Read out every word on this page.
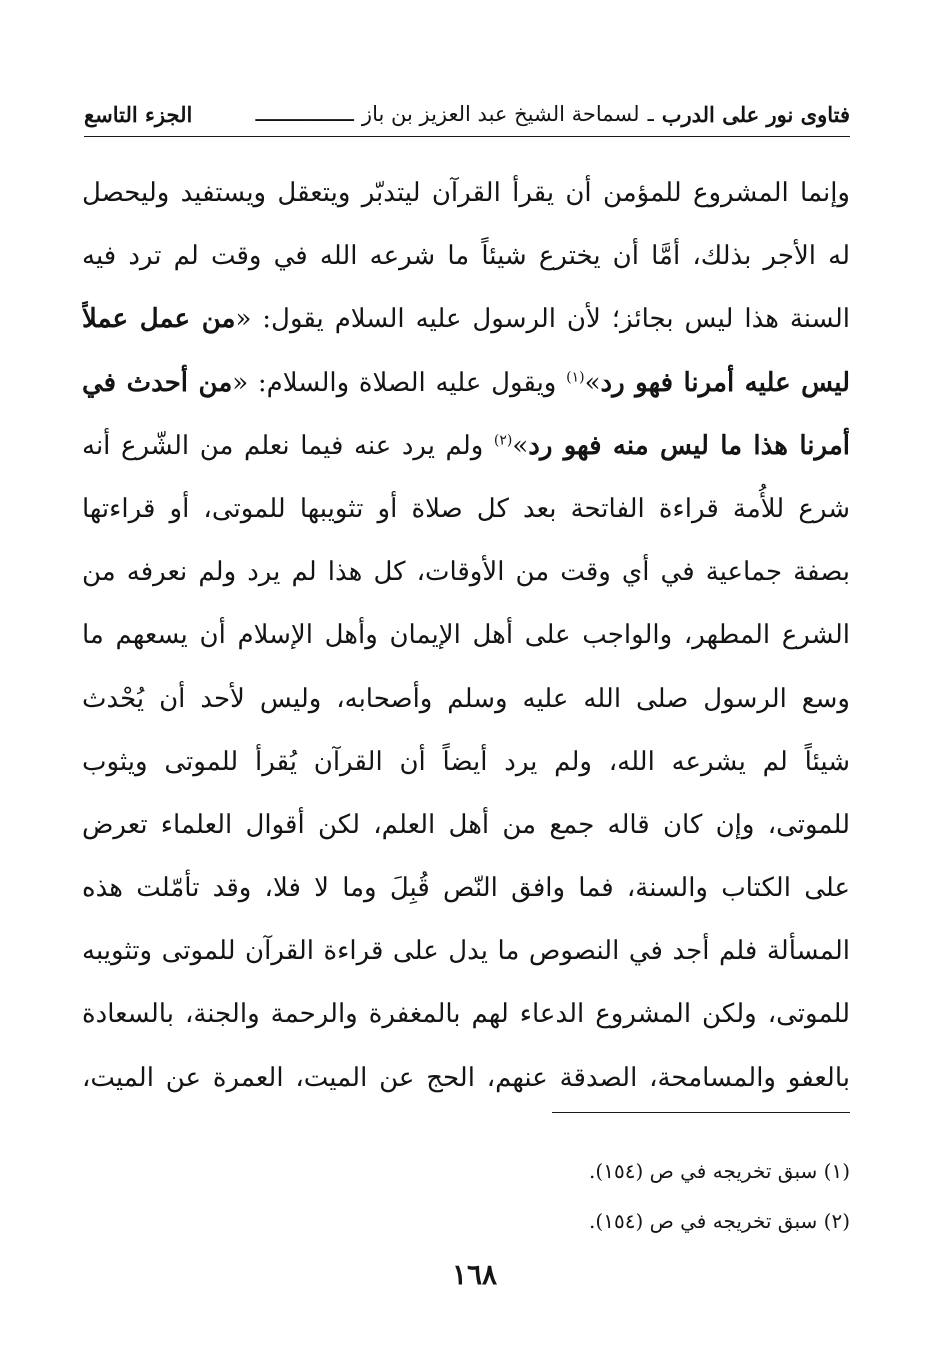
فتاوى نور على الدرب
ـ
لسماحة الشيخ عبد العزيز بن باز
ــــــــــــــــ
الجزء التاسع
وإنما المشروع للمؤمن أن يقرأ القرآن ليتدبّر ويتعقل ويستفيد وليحصل
له الأجر بذلك، أمَّا أن يخترع شيئاً ما شرعه الله في وقت لم ترد فيه
السنة هذا ليس بجائز؛ لأن الرسول عليه السلام يقول: «من عمل عملاً
ليس عليه أمرنا فهو رد»$^{(١)}$ ويقول عليه الصلاة والسلام: «من أحدث في
أمرنا هذا ما ليس منه فهو رد»$^{(٢)}$ ولم يرد عنه فيما نعلم من الشّرع أنه
شرع للأُمة قراءة الفاتحة بعد كل صلاة أو تثويبها للموتى، أو قراءتها
بصفة جماعية في أي وقت من الأوقات، كل هذا لم يرد ولم نعرفه من
الشرع المطهر، والواجب على أهل الإيمان وأهل الإسلام أن يسعهم ما
وسع الرسول صلى الله عليه وسلم وأصحابه، وليس لأحد أن يُحْدث
شيئاً لم يشرعه الله، ولم يرد أيضاً أن القرآن يُقرأ للموتى ويثوب
للموتى، وإن كان قاله جمع من أهل العلم، لكن أقوال العلماء تعرض
على الكتاب والسنة، فما وافق النّص قُبِلَ وما لا فلا، وقد تأمّلت هذه
المسألة فلم أجد في النصوص ما يدل على قراءة القرآن للموتى وتثويبه
للموتى، ولكن المشروع الدعاء لهم بالمغفرة والرحمة والجنة، بالسعادة
بالعفو والمسامحة، الصدقة عنهم، الحج عن الميت، العمرة عن الميت،
(١) سبق تخريجه في ص (١٥٤).
(٢) سبق تخريجه في ص (١٥٤).
١٦٨
